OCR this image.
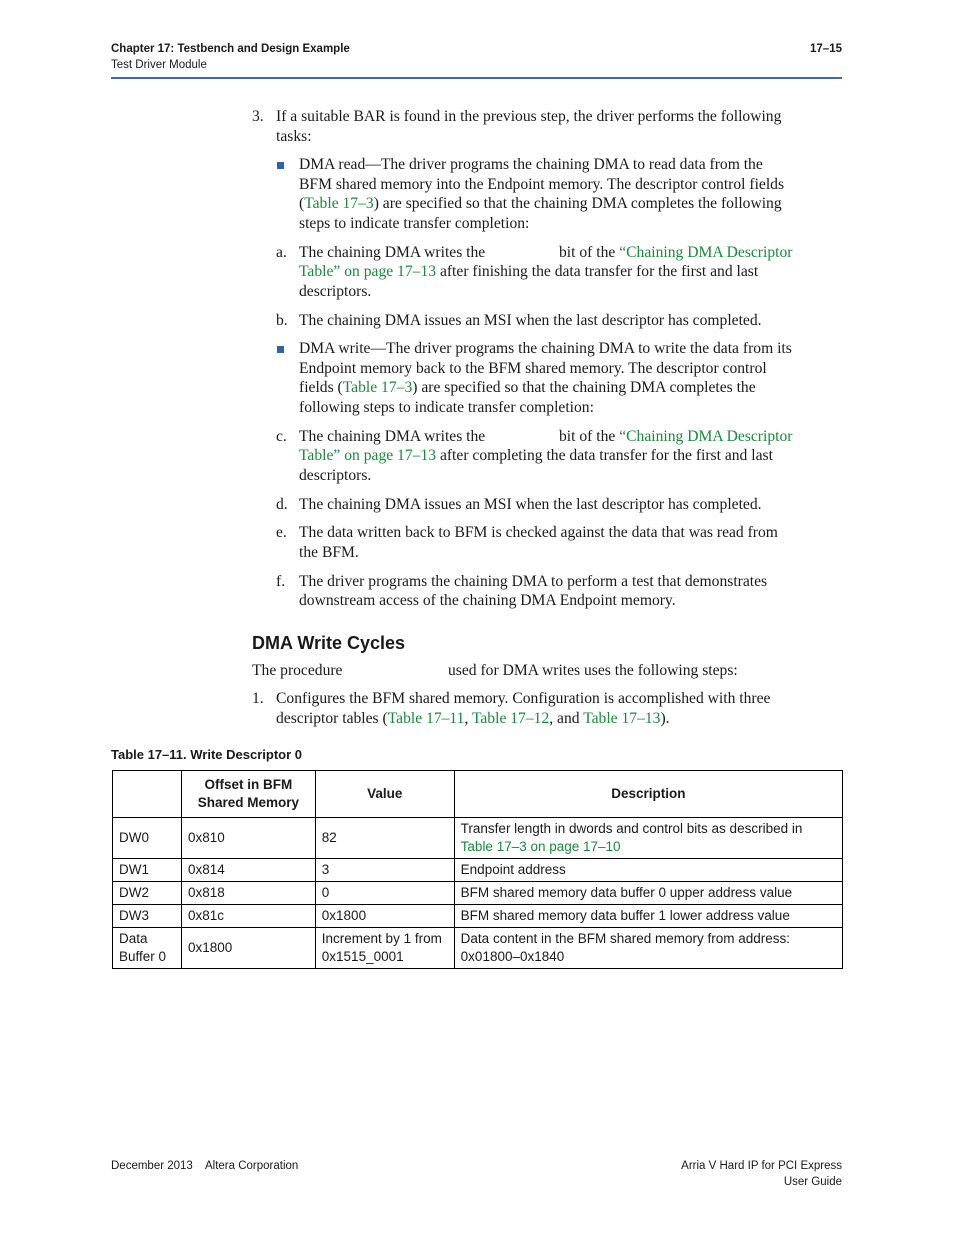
Chapter 17: Testbench and Design Example
Test Driver Module
17–15
3. If a suitable BAR is found in the previous step, the driver performs the following
tasks:
DMA read—The driver programs the chaining DMA to read data from the
BFM shared memory into the Endpoint memory. The descriptor control fields
(Table 17–3) are specified so that the chaining DMA completes the following
steps to indicate transfer completion:
a. The chaining DMA writes the	bit of the “Chaining DMA Descriptor
Table” on page 17–13 after finishing the data transfer for the first and last
descriptors.
b. The chaining DMA issues an MSI when the last descriptor has completed.
DMA write—The driver programs the chaining DMA to write the data from its
Endpoint memory back to the BFM shared memory. The descriptor control
fields (Table 17–3) are specified so that the chaining DMA completes the
following steps to indicate transfer completion:
c. The chaining DMA writes the	bit of the “Chaining DMA Descriptor
Table” on page 17–13 after completing the data transfer for the first and last
descriptors.
d. The chaining DMA issues an MSI when the last descriptor has completed.
e. The data written back to BFM is checked against the data that was read from
the BFM.
f. The driver programs the chaining DMA to perform a test that demonstrates
downstream access of the chaining DMA Endpoint memory.
DMA Write Cycles
The procedure	used for DMA writes uses the following steps:
1. Configures the BFM shared memory. Configuration is accomplished with three
descriptor tables (Table 17–11, Table 17–12, and Table 17–13).
Table 17–11. Write Descriptor 0
	Offset in BFM Shared Memory	Value	Description
DW0	0x810	82	Transfer length in dwords and control bits as described in
Table 17–3 on page 17–10
DW1	0x814	3	Endpoint address
DW2	0x818	0	BFM shared memory data buffer 0 upper address value
DW3	0x81c	0x1800	BFM shared memory data buffer 1 lower address value
Data
Buffer 0	0x1800	Increment by 1 from
0x1515_0001	Data content in the BFM shared memory from address:
0x01800–0x1840
December 2013    Altera Corporation	Arria V Hard IP for PCI Express
User Guide
